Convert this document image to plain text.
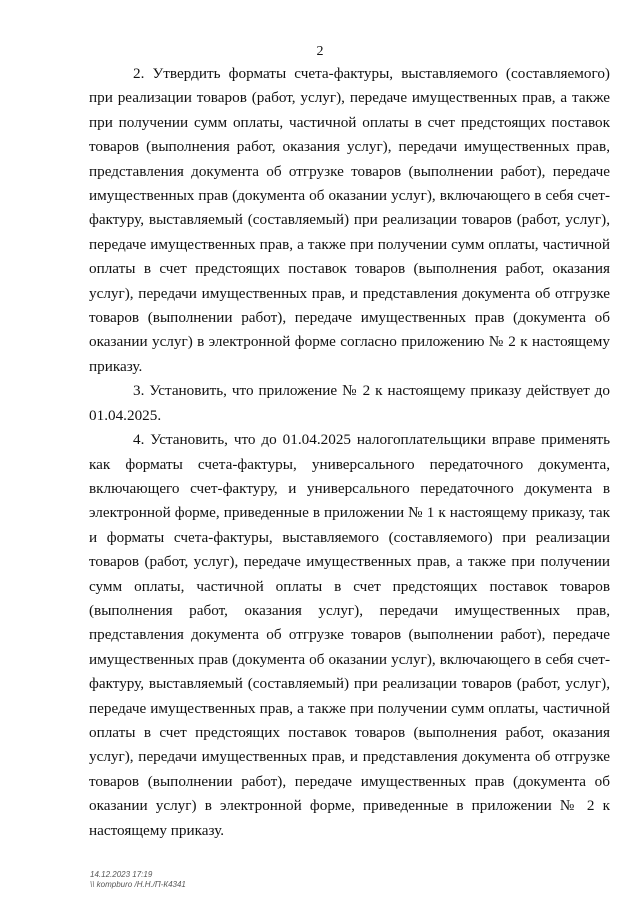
2

2. Утвердить форматы счета-фактуры, выставляемого (составляемого) при реализации товаров (работ, услуг), передаче имущественных прав, а также при получении сумм оплаты, частичной оплаты в счет предстоящих поставок товаров (выполнения работ, оказания услуг), передачи имущественных прав, представления документа об отгрузке товаров (выполнении работ), передаче имущественных прав (документа об оказании услуг), включающего в себя счет-фактуру, выставляемый (составляемый) при реализации товаров (работ, услуг), передаче имущественных прав, а также при получении сумм оплаты, частичной оплаты в счет предстоящих поставок товаров (выполнения работ, оказания услуг), передачи имущественных прав, и представления документа об отгрузке товаров (выполнении работ), передаче имущественных прав (документа об оказании услуг) в электронной форме согласно приложению № 2 к настоящему приказу.

3. Установить, что приложение № 2 к настоящему приказу действует до 01.04.2025.

4. Установить, что до 01.04.2025 налогоплательщики вправе применять как форматы счета-фактуры, универсального передаточного документа, включающего счет-фактуру, и универсального передаточного документа в электронной форме, приведенные в приложении № 1 к настоящему приказу, так и форматы счета-фактуры, выставляемого (составляемого) при реализации товаров (работ, услуг), передаче имущественных прав, а также при получении сумм оплаты, частичной оплаты в счет предстоящих поставок товаров (выполнения работ, оказания услуг), передачи имущественных прав, представления документа об отгрузке товаров (выполнении работ), передаче имущественных прав (документа об оказании услуг), включающего в себя счет-фактуру, выставляемый (составляемый) при реализации товаров (работ, услуг), передаче имущественных прав, а также при получении сумм оплаты, частичной оплаты в счет предстоящих поставок товаров (выполнения работ, оказания услуг), передачи имущественных прав, и представления документа об отгрузке товаров (выполнении работ), передаче имущественных прав (документа об оказании услуг) в электронной форме, приведенные в приложении № 2 к настоящему приказу.

14.12.2023 17:19
\\ kompburo /Н.Н./П-К4341
